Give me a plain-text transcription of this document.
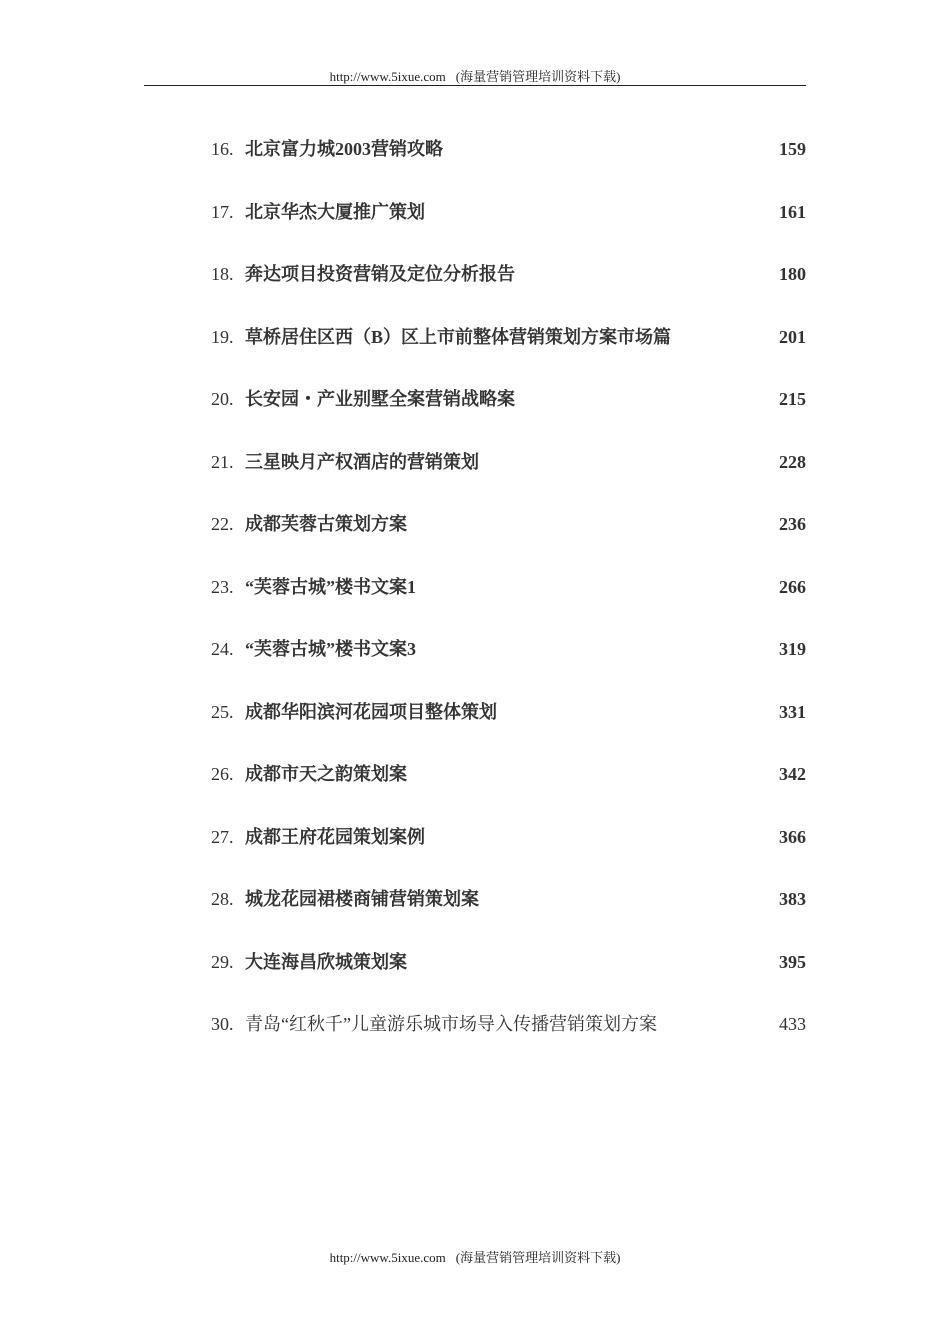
http://www.5ixue.com (海量营销管理培训资料下载)
16. 北京富力城2003营销攻略	159
17. 北京华杰大厦推广策划	161
18. 奔达项目投资营销及定位分析报告	180
19. 草桥居住区西（B）区上市前整体营销策划方案市场篇	201
20. 长安园・产业别墅全案营销战略案	215
21. 三星映月产权酒店的营销策划	228
22. 成都芙蓉古策划方案	236
23. “芙蓉古城”楼书文案1	266
24. “芙蓉古城”楼书文案3	319
25. 成都华阳滨河花园项目整体策划	331
26. 成都市天之韵策划案	342
27. 成都王府花园策划案例	366
28. 城龙花园裙楼商铺营销策划案	383
29. 大连海昌欣城策划案	395
30. 青岛“红秋千”儿童游乐城市场导入传播营销策划方案	433
http://www.5ixue.com (海量营销管理培训资料下载)
